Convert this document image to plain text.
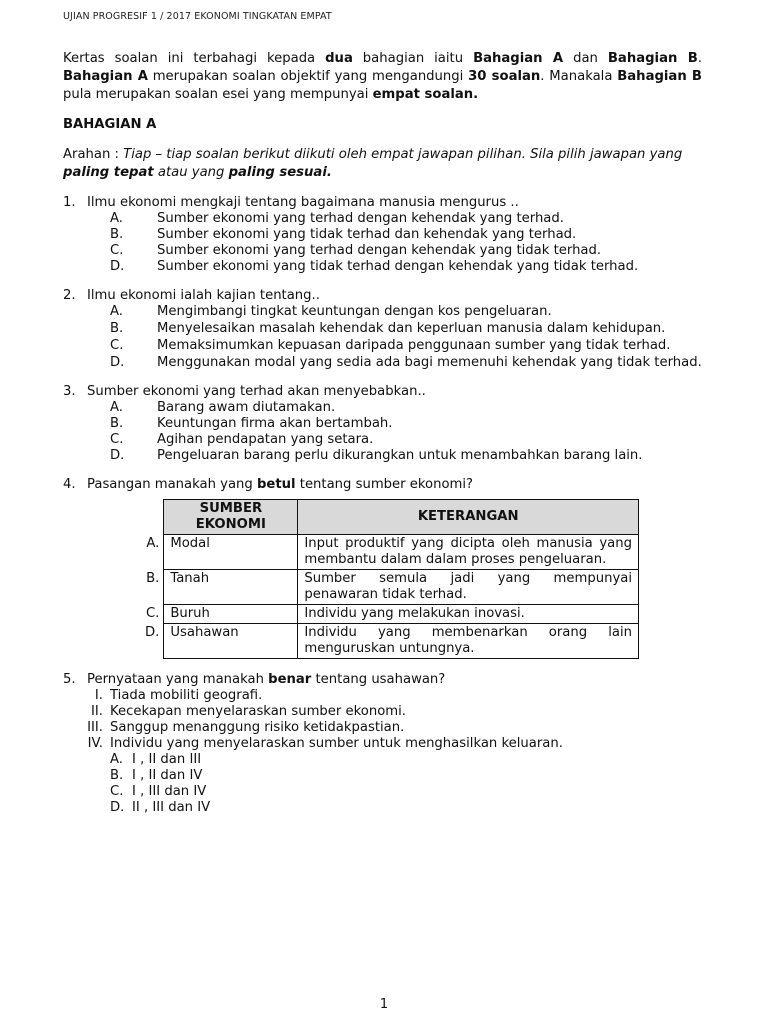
UJIAN PROGRESIF 1 / 2017 EKONOMI TINGKATAN EMPAT

Kertas soalan ini terbahagi kepada dua bahagian iaitu Bahagian A dan Bahagian B. Bahagian A merupakan soalan objektif yang mengandungi 30 soalan. Manakala Bahagian B pula merupakan soalan esei yang mempunyai empat soalan.

BAHAGIAN A

Arahan : Tiap – tiap soalan berikut diikuti oleh empat jawapan pilihan. Sila pilih jawapan yang paling tepat atau yang paling sesuai.

1. Ilmu ekonomi mengkaji tentang bagaimana manusia mengurus ..
A.	Sumber ekonomi yang terhad dengan kehendak yang terhad.
B.	Sumber ekonomi yang tidak terhad dan kehendak yang terhad.
C.	Sumber ekonomi yang terhad dengan kehendak yang tidak terhad.
D.	Sumber ekonomi yang tidak terhad dengan kehendak yang tidak terhad.
2. Ilmu ekonomi ialah kajian tentang..
A.	Mengimbangi tingkat keuntungan dengan kos pengeluaran.
B.	Menyelesaikan masalah kehendak dan keperluan manusia dalam kehidupan.
C.	Memaksimumkan kepuasan daripada penggunaan sumber yang tidak terhad.
D. Menggunakan modal yang sedia ada bagi memenuhi kehendak yang tidak terhad.
3. Sumber ekonomi yang terhad akan menyebabkan..
A.	Barang awam diutamakan.
B.	Keuntungan firma akan bertambah.
C.	Agihan pendapatan yang setara.
D.	Pengeluaran barang perlu dikurangkan untuk menambahkan barang lain.
4. Pasangan manakah yang betul tentang sumber ekonomi?
	SUMBER EKONOMI	KETERANGAN
A.	Modal	Input produktif yang dicipta oleh manusia yang membantu dalam dalam proses pengeluaran.
B.	Tanah	Sumber semula jadi yang mempunyai penawaran tidak terhad.
C.	Buruh	Individu yang melakukan inovasi.
D.	Usahawan	Individu yang membenarkan orang lain menguruskan untungnya.
5. Pernyataan yang manakah benar tentang usahawan?
I. Tiada mobiliti geografi.
II. Kecekapan menyelaraskan sumber ekonomi.
III. Sanggup menanggung risiko ketidakpastian.
IV. Individu yang menyelaraskan sumber untuk menghasilkan keluaran.
A. I , II dan III
B. I , II dan IV
C. I , III dan IV
D. II , III dan IV
1
